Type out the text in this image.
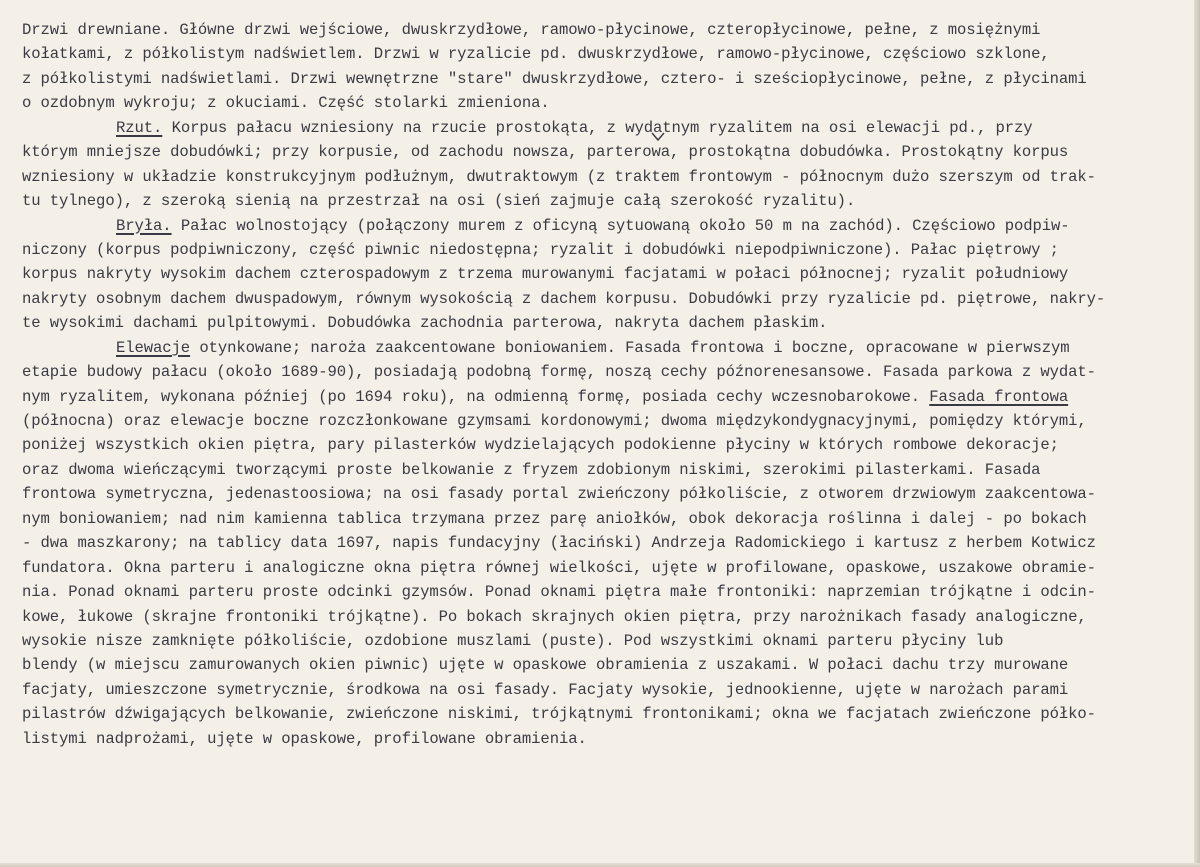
Drzwi drewniane. Główne drzwi wejściowe, dwuskrzydłowe, ramowo-płycinowe, czteropłycinowe, pełne, z mosiężnymi
kołatkami, z półkolistym nadświetlem. Drzwi w ryzalicie pd. dwuskrzydłowe, ramowo-płycinowe, częściowo szklone,
z półkolistymi nadświetlami. Drzwi wewnętrzne "stare" dwuskrzydłowe, cztero- i sześciopłycinowe, pełne, z płycinami
o ozdobnym wykroju; z okuciami. Część stolarki zmieniona.
Rzut. Korpus pałacu wzniesiony na rzucie prostokąta, z wydatnym ryzalitem na osi elewacji pd., przy
którym mniejsze dobudówki; przy korpusie, od zachodu nowsza, parterowa, prostokątna dobudówka. Prostokątny korpus
wzniesiony w układzie konstrukcyjnym podłużnym, dwutraktowym (z traktem frontowym - północnym dużo szerszym od trak-
tu tylnego), z szeroką sienią na przestrzał na osi (sień zajmuje całą szerokość ryzalitu).
Bryła. Pałac wolnostojący (połączony murem z oficyną sytuowaną około 50 m na zachód). Częściowo podpiw-
niczony (korpus podpiwniczony, część piwnic niedostępna; ryzalit i dobudówki niepodpiwniczone). Pałac piętrowy ;
korpus nakryty wysokim dachem czterospadowym z trzema murowanymi facjatami w połaci północnej; ryzalit południowy
nakryty osobnym dachem dwuspadowym, równym wysokością z dachem korpusu. Dobudówki przy ryzalicie pd. piętrowe, nakry-
te wysokimi dachami pulpitowymi. Dobudówka zachodnia parterowa, nakryta dachem płaskim.
Elewacje otynkowane; naroża zaakcentowane boniowaniem. Fasada frontowa i boczne, opracowane w pierwszym
etapie budowy pałacu (około 1689-90), posiadają podobną formę, noszą cechy późnorenesansowe. Fasada parkowa z wydat-
nym ryzalitem, wykonana później (po 1694 roku), na odmienną formę, posiada cechy wczesnobarokowe. Fasada frontowa
(północna) oraz elewacje boczne rozczłonkowane gzymsami kordonowymi; dwoma międzykondygnacyjnymi, pomiędzy którymi,
poniżej wszystkich okien piętra, pary pilasterków wydzielających podokienne płyciny w których rombowe dekoracje;
oraz dwoma wieńczącymi tworzącymi proste belkowanie z fryzem zdobionym niskimi, szerokimi pilasterkami. Fasada
frontowa symetryczna, jedenastoosiowa; na osi fasady portal zwieńczony półkoliście, z otworem drzwiowym zaakcentowa-
nym boniowaniem; nad nim kamienna tablica trzymana przez parę aniołków, obok dekoracja roślinna i dalej - po bokach
- dwa maszkarony; na tablicy data 1697, napis fundacyjny (łaciński) Andrzeja Radomickiego i kartusz z herbem Kotwicz
fundatora. Okna parteru i analogiczne okna piętra równej wielkości, ujęte w profilowane, opaskowe, uszakowe obramie-
nia. Ponad oknami parteru proste odcinki gzymsów. Ponad oknami piętra małe frontoniki: naprzemian trójkątne i odcin-
kowe, łukowe (skrajne frontoniki trójkątne). Po bokach skrajnych okien piętra, przy narożnikach fasady analogiczne,
wysokie nisze zamknięte półkoliście, ozdobione muszlami (puste). Pod wszystkimi oknami parteru płyciny lub
blendy (w miejscu zamurowanych okien piwnic) ujęte w opaskowe obramienia z uszakami. W połaci dachu trzy murowane
facjaty, umieszczone symetrycznie, środkowa na osi fasady. Facjaty wysokie, jednookienne, ujęte w narożach parami
pilastrów dźwigających belkowanie, zwieńczone niskimi, trójkątnymi frontonikami; okna we facjatach zwieńczone półko-
listymi nadprożami, ujęte w opaskowe, profilowane obramienia.
